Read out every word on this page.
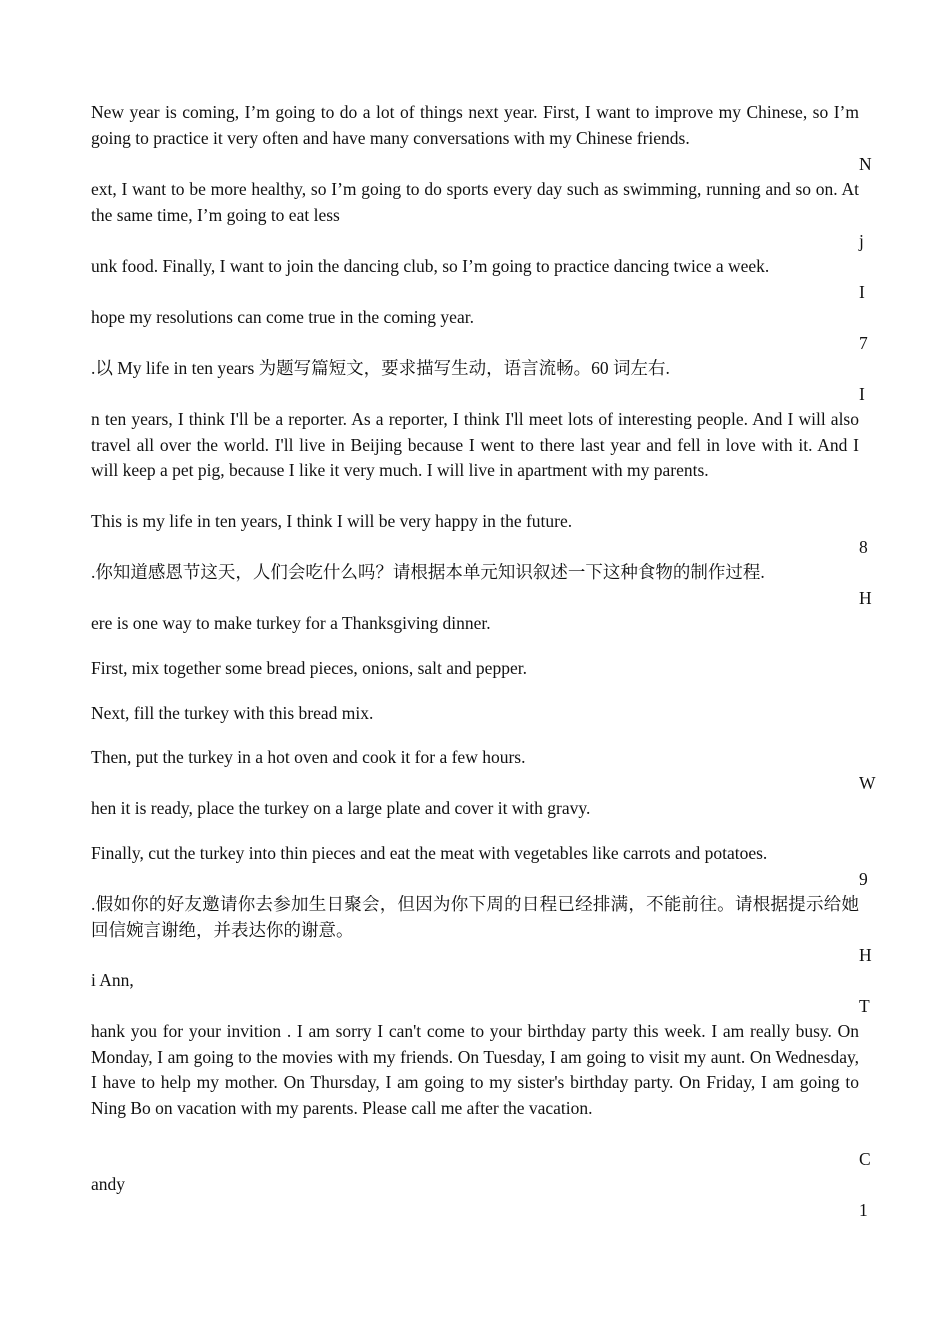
New year is coming, I’m going to do a lot of things next year. First, I want to improve my Chinese, so I’m going to practice it very often and have many conversations with my Chinese friends.

N

ext, I want to be more healthy, so I’m going to do sports every day such as swimming, running and so on. At the same time, I’m going to eat less

j

unk food. Finally, I want to join the dancing club, so I’m going to practice dancing twice a week.

I

hope my resolutions can come true in the coming year.

7

.以 My life in ten years 为题写篇短文，要求描写生动，语言流畅。60 词左右.

I

n ten years, I think I'll be a reporter. As a reporter, I think I'll meet lots of interesting people. And I will also travel all over the world. I'll live in Beijing because I went to there last year and fell in love with it. And I will keep a pet pig, because I like it very much. I will live in apartment with my parents.

This is my life in ten years, I think I will be very happy in the future.

8

.你知道感恩节这天，人们会吃什么吗？请根据本单元知识叙述一下这种食物的制作过程.

H

ere is one way to make turkey for a Thanksgiving dinner.

First, mix together some bread pieces, onions, salt and pepper.

Next, fill the turkey with this bread mix.

Then, put the turkey in a hot oven and cook it for a few hours.

W

hen it is ready, place the turkey on a large plate and cover it with gravy.

Finally, cut the turkey into thin pieces and eat the meat with vegetables like carrots and potatoes.

9

.假如你的好友邀请你去参加生日聚会，但因为你下周的日程已经排满，不能前往。请根据提示给她回信婉言谢绝，并表达你的谢意。

H

i Ann,

T

hank you for your invition . I am sorry I can't come to your birthday party this week. I am really busy. On Monday, I am going to the movies with my friends. On Tuesday, I am going to visit my aunt. On Wednesday, I have to help my mother. On Thursday, I am going to my sister's birthday party. On Friday, I am going to Ning Bo on vacation with my parents. Please call me after the vacation.

C

andy

1
